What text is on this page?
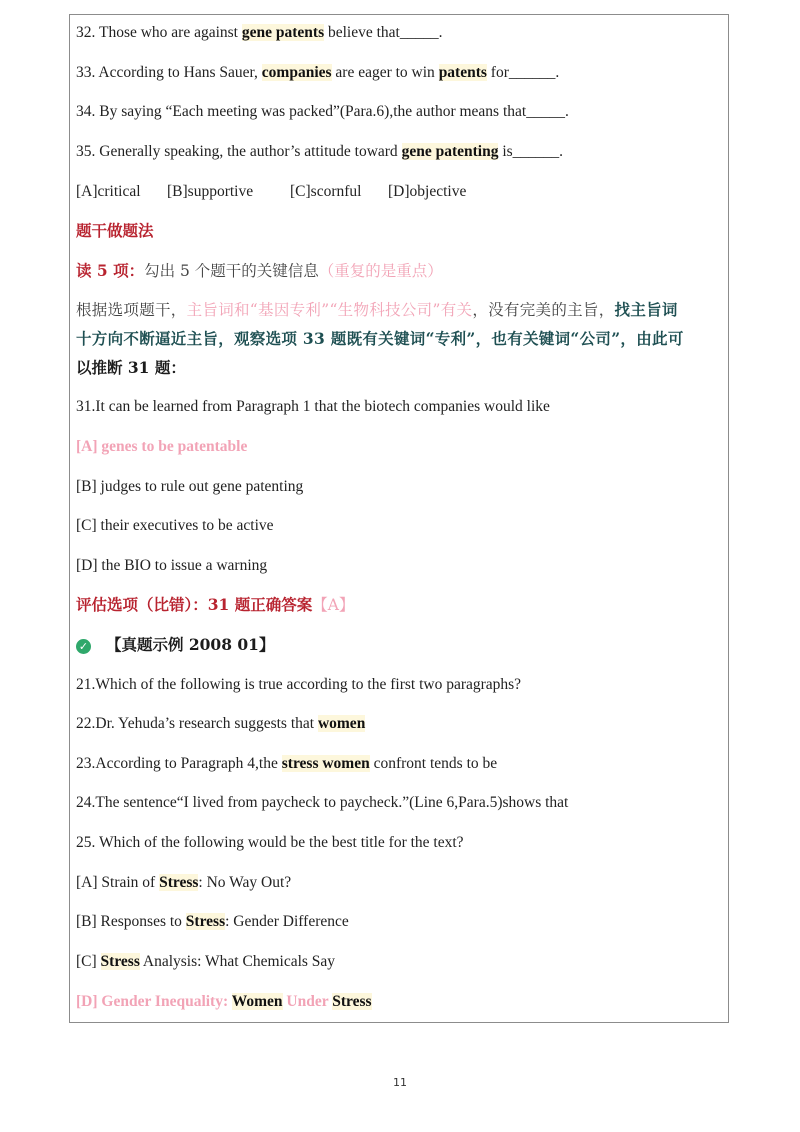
32. Those who are against gene patents believe that_____.
33. According to Hans Sauer, companies are eager to win patents for______.
34. By saying “Each meeting was packed”(Para.6),the author means that_____.
35. Generally speaking, the author’s attitude toward gene patenting is______.
[A]critical [B]supportive [C]scornful [D]objective
题干做题法
读 5 项：勾出 5 个题干的关键信息（重复的是重点）
根据选项题干，主旨词和“基因专利”“生物科技公司”有关，没有完美的主旨，找主旨词
十方向不断逼近主旨，观察选项 33 题既有关键词“专利”，也有关键词“公司”，由此可
以推断 31 题：
31.It can be learned from Paragraph 1 that the biotech companies would like
[A] genes to be patentable
[B] judges to rule out gene patenting
[C] their executives to be active
[D] the BIO to issue a warning
评估选项（比错）：31 题正确答案【A】
✓ 【真题示例 2008 01】
21.Which of the following is true according to the first two paragraphs?
22.Dr. Yehuda’s research suggests that women
23.According to Paragraph 4,the stress women confront tends to be
24.The sentence“I lived from paycheck to paycheck.”(Line 6,Para.5)shows that
25. Which of the following would be the best title for the text?
[A] Strain of Stress: No Way Out?
[B] Responses to Stress: Gender Difference
[C] Stress Analysis: What Chemicals Say
[D] Gender Inequality: Women Under Stress
11
